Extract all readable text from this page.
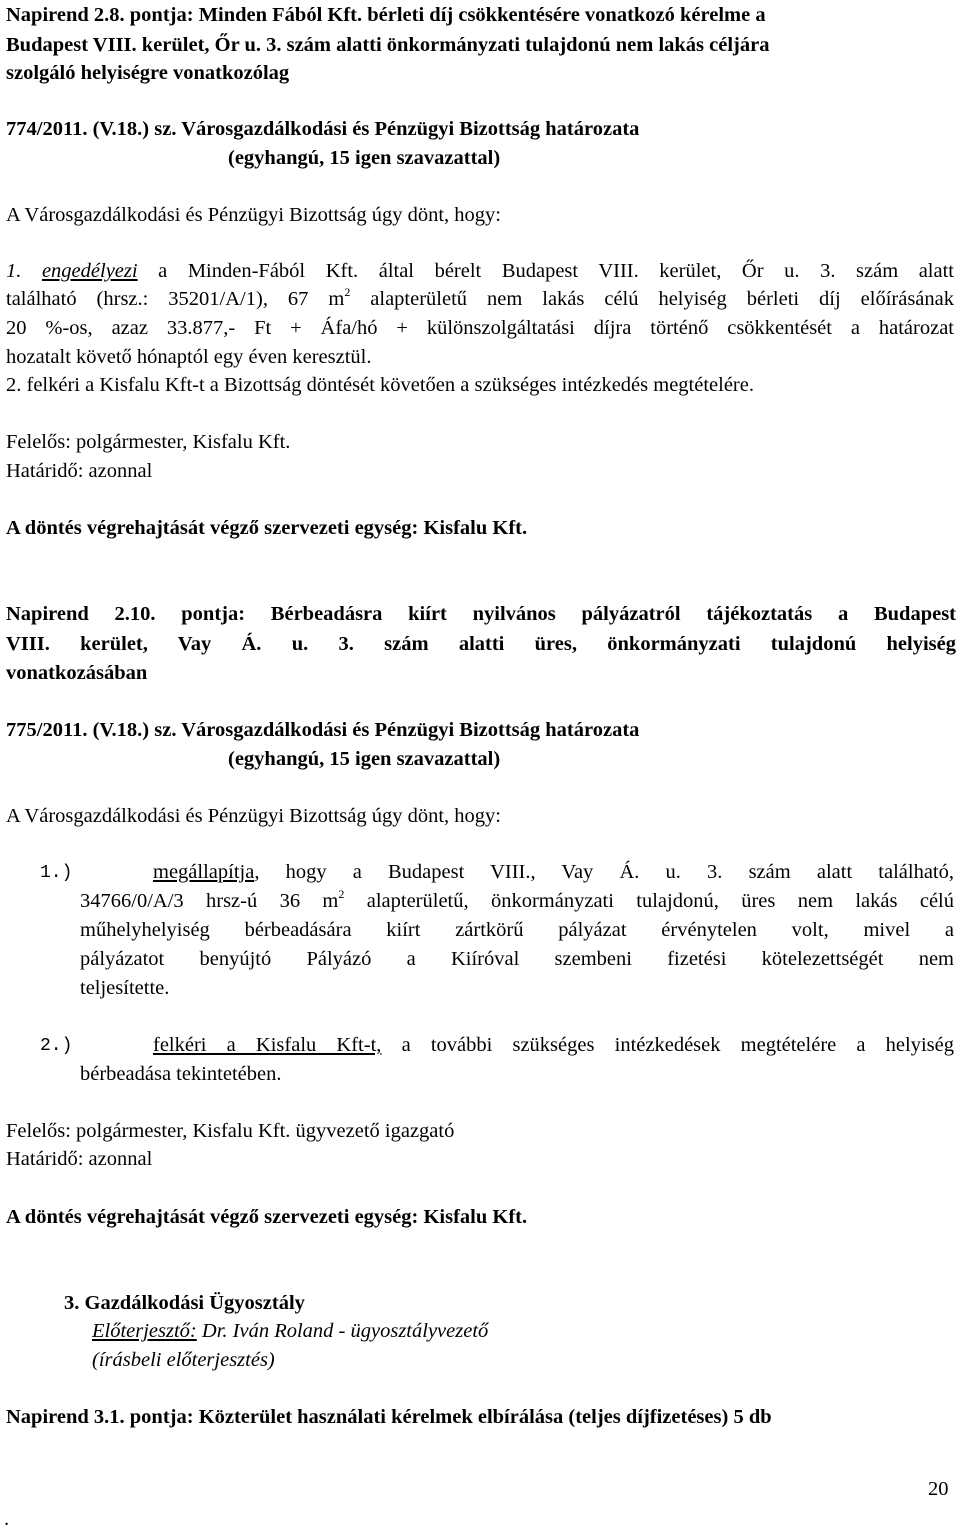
Napirend 2.8. pontja: Minden Fából Kft. bérleti díj csökkentésére vonatkozó kérelme a

Budapest VIII. kerület, Őr u. 3. szám alatti önkormányzati tulajdonú nem lakás céljára

szolgáló helyiségre vonatkozólag

774/2011. (V.18.) sz. Városgazdálkodási és Pénzügyi Bizottság határozata

(egyhangú, 15 igen szavazattal)

A Városgazdálkodási és Pénzügyi Bizottság úgy dönt, hogy:

1. engedélyezi a Minden-Fából Kft. által bérelt Budapest VIII. kerület, Őr u. 3. szám alatt

található (hrsz.: 35201/A/1), 67 $m^2$ alapterületű nem lakás célú helyiség bérleti díj előírásának

20 %-os, azaz 33.877,- Ft + Áfa/hó + különszolgáltatási díjra történő csökkentését a határozat

hozatalt követő hónaptól egy éven keresztül.

2. felkéri a Kisfalu Kft-t a Bizottság döntését követően a szükséges intézkedés megtételére.

Felelős: polgármester, Kisfalu Kft.

Határidő: azonnal

A döntés végrehajtását végző szervezeti egység: Kisfalu Kft.

Napirend 2.10. pontja: Bérbeadásra kiírt nyilvános pályázatról tájékoztatás a Budapest

VIII. kerület, Vay Á. u. 3. szám alatti üres, önkormányzati tulajdonú helyiség

vonatkozásában

775/2011. (V.18.) sz. Városgazdálkodási és Pénzügyi Bizottság határozata

(egyhangú, 15 igen szavazattal)

A Városgazdálkodási és Pénzügyi Bizottság úgy dönt, hogy:

1.)	megállapítja, hogy a Budapest VIII., Vay Á. u. 3. szám alatt található,

34766/0/A/3 hrsz-ú 36 $m^2$ alapterületű, önkormányzati tulajdonú, üres nem lakás célú

műhelyhelyiség bérbeadására kiírt zártkörű pályázat érvénytelen volt, mivel a

pályázatot benyújtó Pályázó a Kiíróval szembeni fizetési kötelezettségét nem

teljesítette.

2.)	felkéri a Kisfalu Kft-t, a további szükséges intézkedések megtételére a helyiség

bérbeadása tekintetében.

Felelős: polgármester, Kisfalu Kft. ügyvezető igazgató

Határidő: azonnal

A döntés végrehajtását végző szervezeti egység: Kisfalu Kft.

3. Gazdálkodási Ügyosztály

Előterjesztő: Dr. Iván Roland - ügyosztályvezető

(írásbeli előterjesztés)

Napirend 3.1. pontja: Közterület használati kérelmek elbírálása (teljes díjfizetéses) 5 db

20

.
